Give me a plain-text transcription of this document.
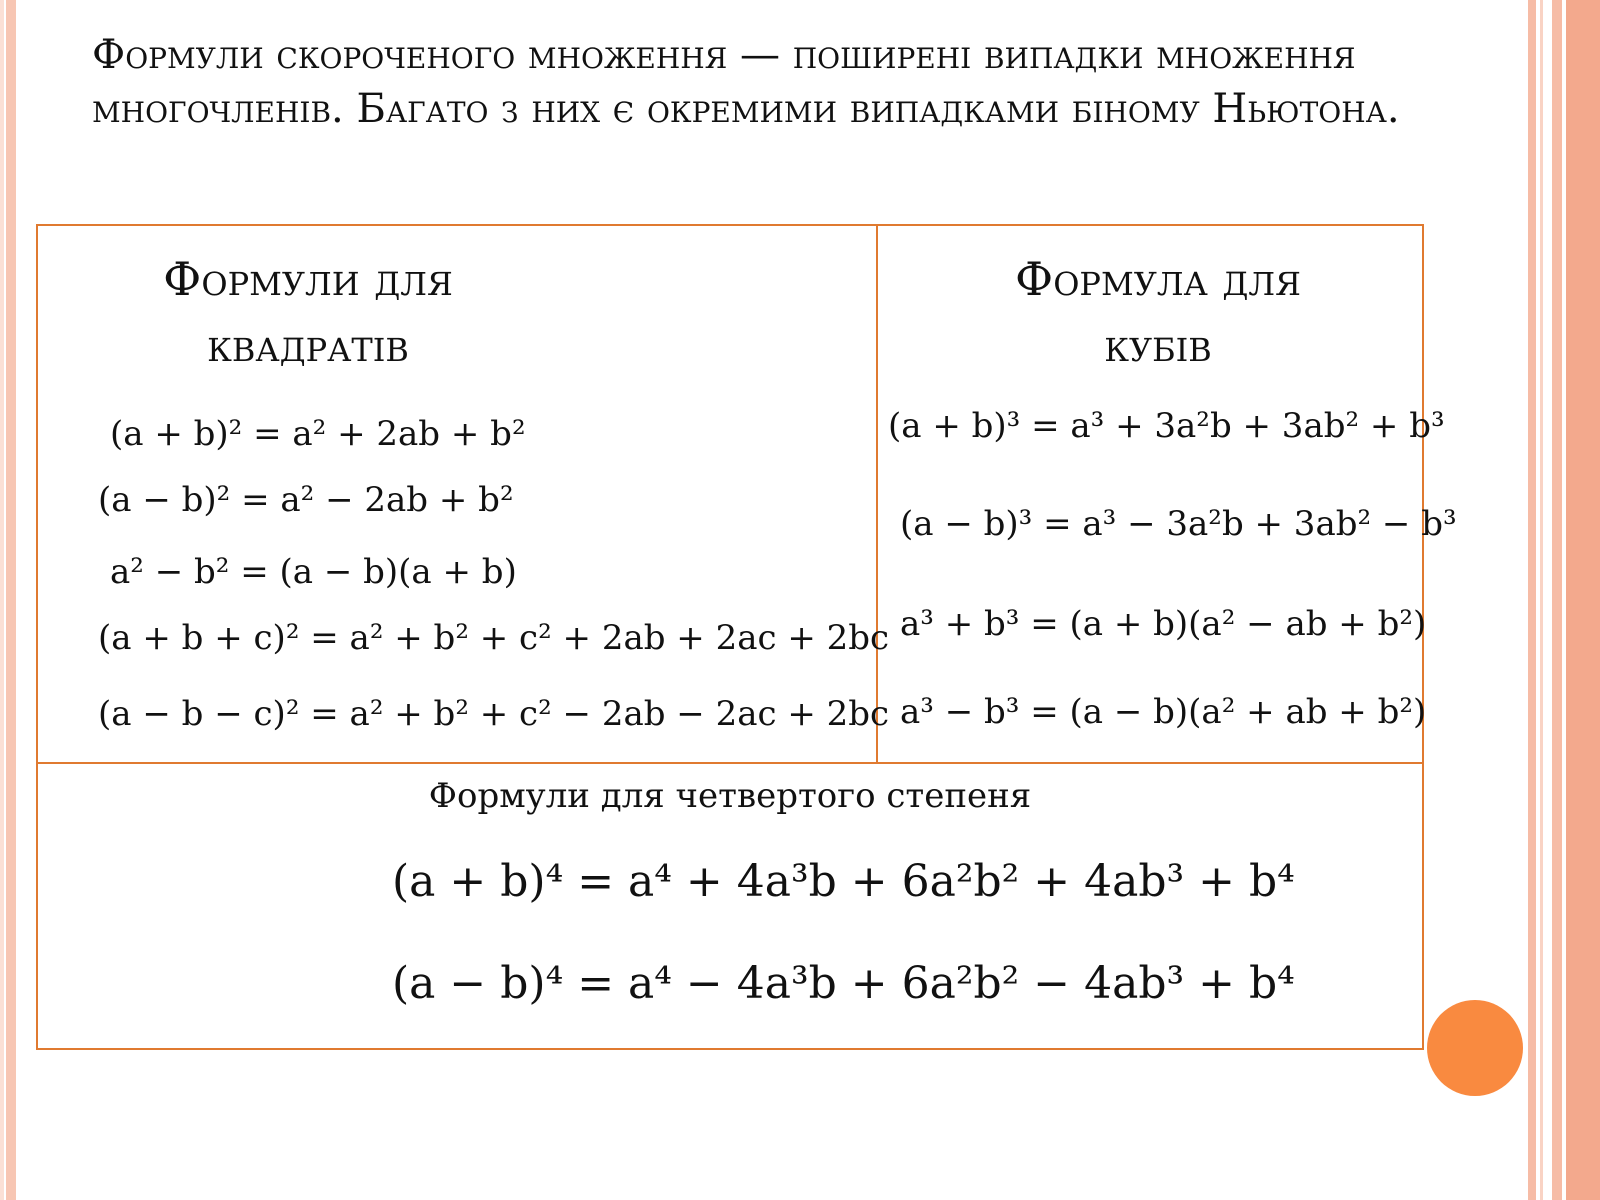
Формули скороченого множення — поширені випадки множення многочленів. Багато з них є окремими випадками біному Ньютона.

Формули для квадратів
Формула для кубів
(a + b)² = a² + 2ab + b²
(a − b)² = a² − 2ab + b²
a² − b² = (a − b)(a + b)
(a + b + c)² = a² + b² + c² + 2ab + 2ac + 2bc
(a − b − c)² = a² + b² + c² − 2ab − 2ac + 2bc
(a + b)³ = a³ + 3a²b + 3ab² + b³
(a − b)³ = a³ − 3a²b + 3ab² − b³
a³ + b³ = (a + b)(a² − ab + b²)
a³ − b³ = (a − b)(a² + ab + b²)

Формули для четвертого степеня

(a + b)⁴ = a⁴ + 4a³b + 6a²b² + 4ab³ + b⁴
(a − b)⁴ = a⁴ − 4a³b + 6a²b² − 4ab³ + b⁴
